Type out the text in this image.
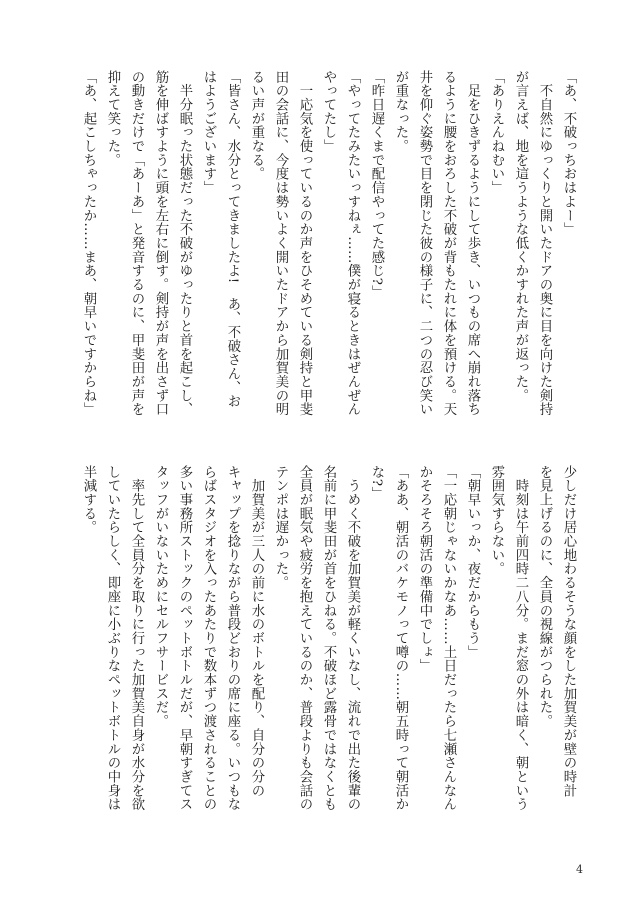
「あ、不破っちおはよー」
　不自然にゆっくりと開いたドアの奥に目を向けた剣持
が言えば、地を這うような低くかすれた声が返った。
「ありえんねむい」
　足をひきずるようにして歩き、いつもの席へ崩れ落ち
るように腰をおろした不破が背もたれに体を預ける。天
井を仰ぐ姿勢で目を閉じた彼の様子に、二つの忍び笑い
が重なった。
「昨日遅くまで配信やってた感じ?」
「やってたみたいっすねぇ……僕が寝るときはぜんぜん
やってたし」
　一応気を使っているのか声をひそめている剣持と甲斐
田の会話に、今度は勢いよく開いたドアから加賀美の明
るい声が重なる。
「皆さん、水分とってきましたよ!　あ、不破さん、お
はようございます」
　半分眠った状態だった不破がゆったりと首を起こし、
筋を伸ばすように頭を左右に倒す。剣持が声を出さず口
の動きだけで「あーあ」と発音するのに、甲斐田が声を
抑えて笑った。
「あ、起こしちゃったか……まあ、朝早いですからね」
少しだけ居心地わるそうな顔をした加賀美が壁の時計
を見上げるのに、全員の視線がつられた。
　時刻は午前四時二八分。まだ窓の外は暗く、朝という
雰囲気すらない。
「朝早いっか、夜だからもう」
「一応朝じゃないかなあ……土日だったら七瀬さんなん
かそろそろ朝活の準備中でしょ」
「ああ、朝活のバケモノって噂の……朝五時って朝活か
な?」
　うめく不破を加賀美が軽くいなし、流れで出た後輩の
名前に甲斐田が首をひねる。不破ほど露骨ではなくとも
全員が眠気や疲労を抱えているのか、普段よりも会話の
テンポは遅かった。
　加賀美が三人の前に水のボトルを配り、自分の分の
キャップを捻りながら普段どおりの席に座る。いつもな
らばスタジオを入ったあたりで数本ずつ渡されることの
多い事務所ストックのペットボトルだが、早朝すぎてス
タッフがいないためにセルフサービスだ。
　率先して全員分を取りに行った加賀美自身が水分を欲
していたらしく、即座に小ぶりなペットボトルの中身は
半減する。
4
